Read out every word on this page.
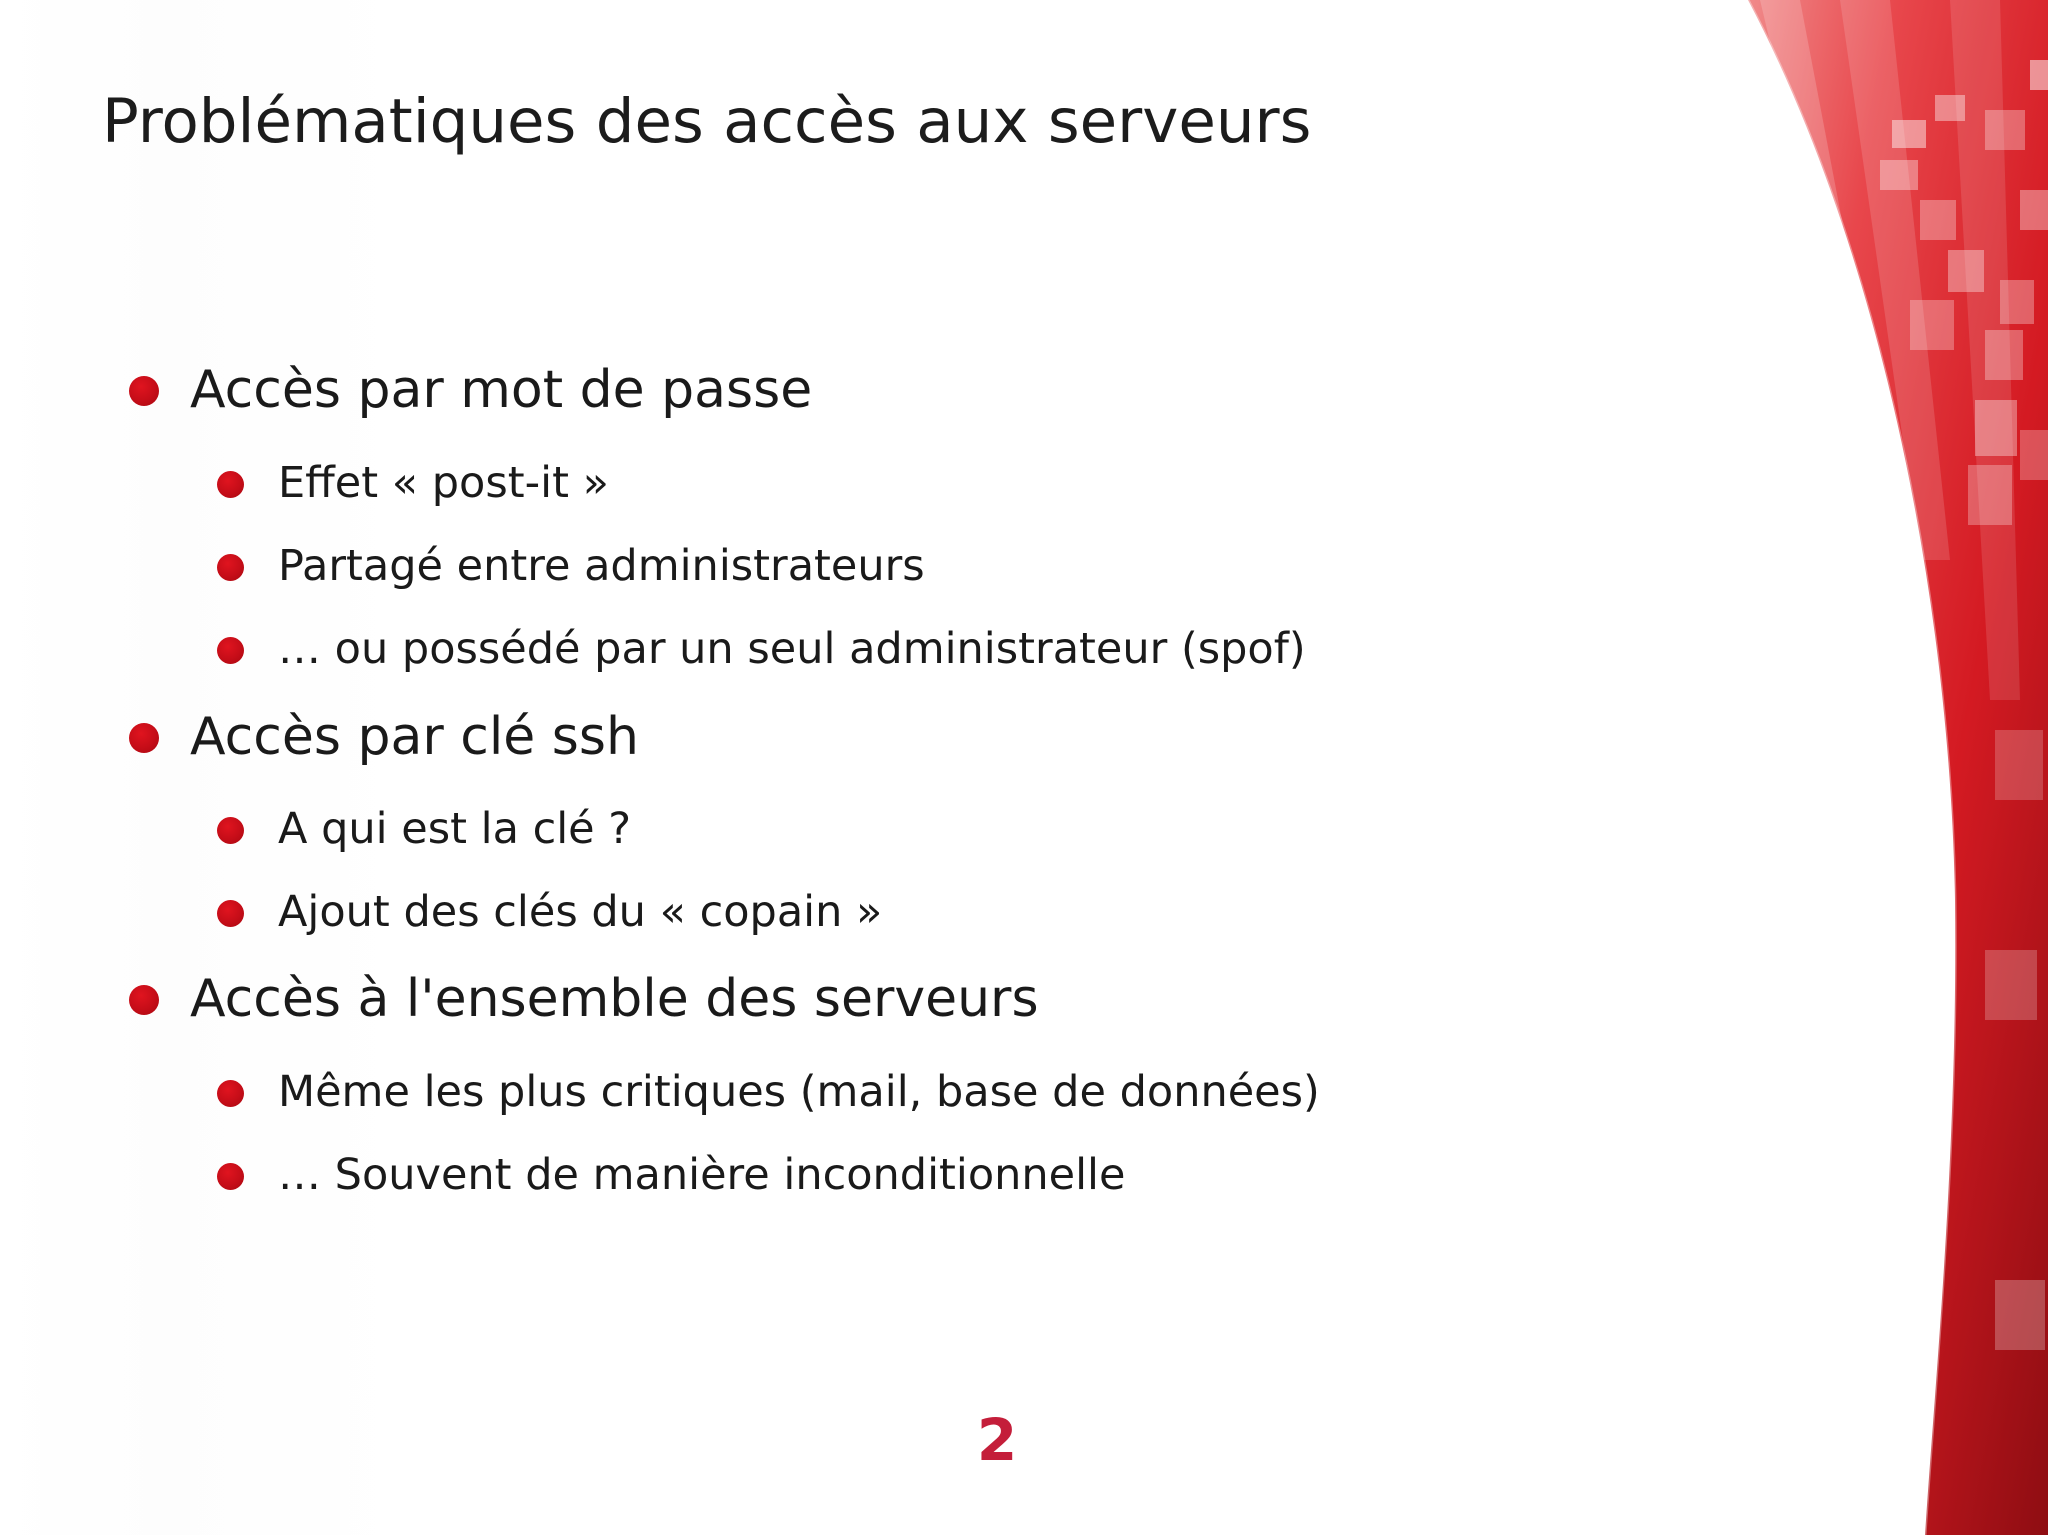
Problématiques des accès aux serveurs
Accès par mot de passe
Effet « post-it »
Partagé entre administrateurs
… ou possédé par un seul administrateur (spof)
Accès par clé ssh
A qui est la clé ?
Ajout des clés du « copain »
Accès à l'ensemble des serveurs
Même les plus critiques (mail, base de données)
… Souvent de manière inconditionnelle
2
